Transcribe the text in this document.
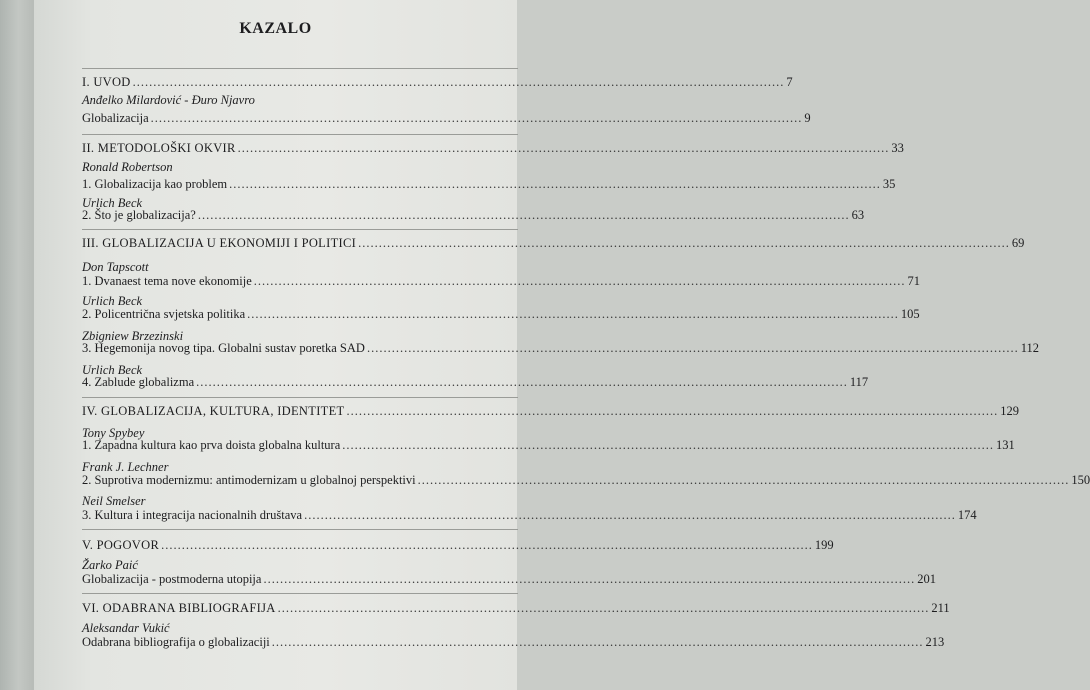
KAZALO
I. UVOD .....	7
Anđelko Milardović - Đuro Njavro
Globalizacija .....	9
II. METODOLOŠKI OKVIR .....	33
Ronald Robertson
1. Globalizacija kao problem .....	35
Urlich Beck
2. Što je globalizacija? .....	63
III. GLOBALIZACIJA U EKONOMIJI I POLITICI .....	69
Don Tapscott
1. Dvanaest tema nove ekonomije .....	71
Urlich Beck
2. Policentrična svjetska politika .....	105
Zbigniew Brzezinski
3. Hegemonija novog tipa. Globalni sustav poretka SAD .....	112
Urlich Beck
4. Zablude globalizma .....	117
IV. GLOBALIZACIJA, KULTURA, IDENTITET .....	129
Tony Spybey
1. Zapadna kultura kao prva doista globalna kultura .....	131
Frank J. Lechner
2. Suprotiva modernizmu: antimodernizam u globalnoj perspektivi .....	150
Neil Smelser
3. Kultura i integracija nacionalnih društava .....	174
V. POGOVOR .....	199
Žarko Paić
Globalizacija - postmoderna utopija .....	201
VI. ODABRANA BIBLIOGRAFIJA .....	211
Aleksandar Vukić
Odabrana bibliografija o globalizaciji .....	213
